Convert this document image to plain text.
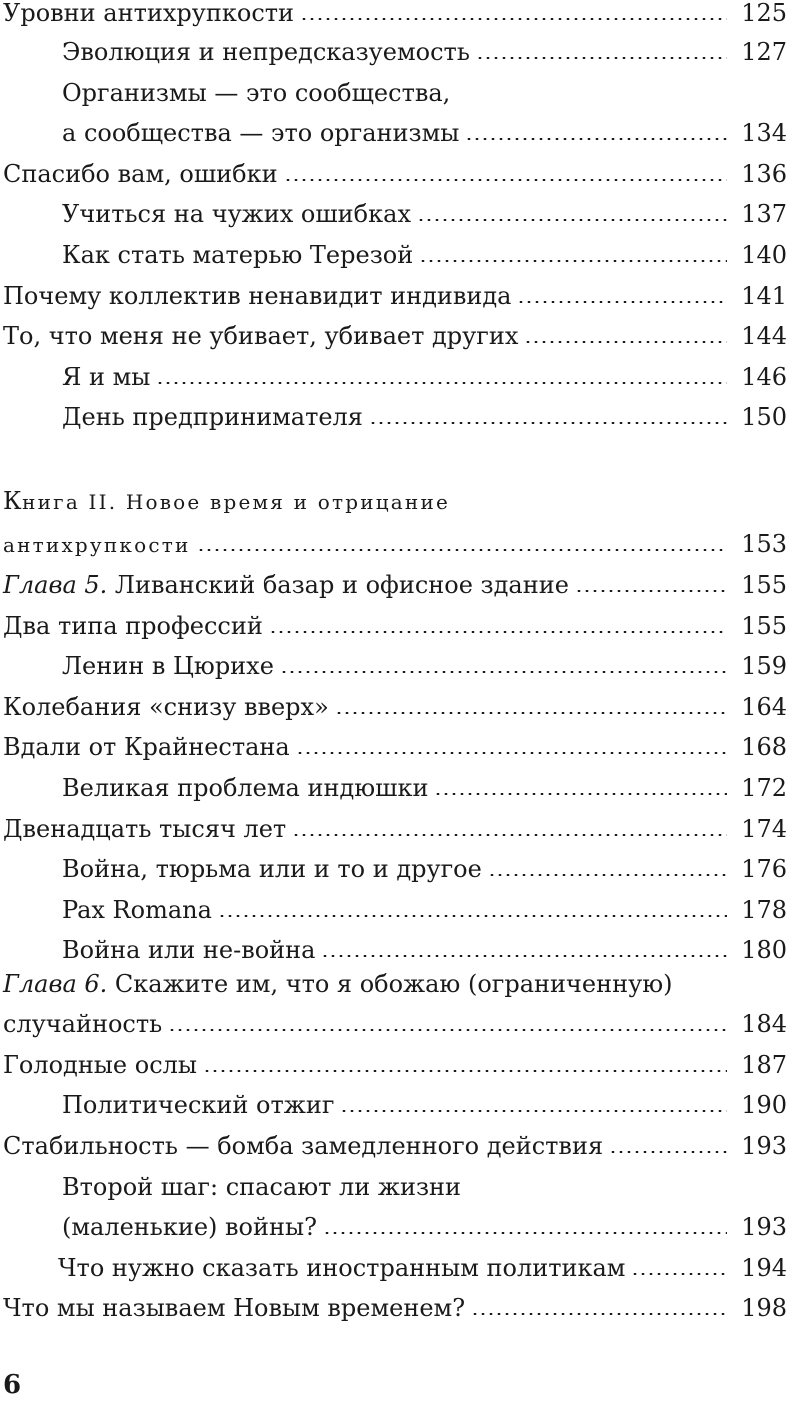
Уровни антихрупкости	125
Эволюция и непредсказуемость	127
Организмы — это сообщества,
а сообщества — это организмы	134
Спасибо вам, ошибки	136
Учиться на чужих ошибках	137
Как стать матерью Терезой	140
Почему коллектив ненавидит индивида	141
То, что меня не убивает, убивает других	144
Я и мы	146
День предпринимателя	150
Книга II. Новое время и отрицание
антихрупкости	153
Глава 5. Ливанский базар и офисное здание	155
Два типа профессий	155
Ленин в Цюрихе	159
Колебания «снизу вверх»	164
Вдали от Крайнестана	168
Великая проблема индюшки	172
Двенадцать тысяч лет	174
Война, тюрьма или и то и другое	176
Pax Romana	178
Война или не-война	180
Глава 6. Скажите им, что я обожаю (ограниченную)
случайность	184
Голодные ослы	187
Политический отжиг	190
Стабильность — бомба замедленного действия	193
Второй шаг: спасают ли жизни
(маленькие) войны?	193
Что нужно сказать иностранным политикам	194
Что мы называем Новым временем?	198
6
